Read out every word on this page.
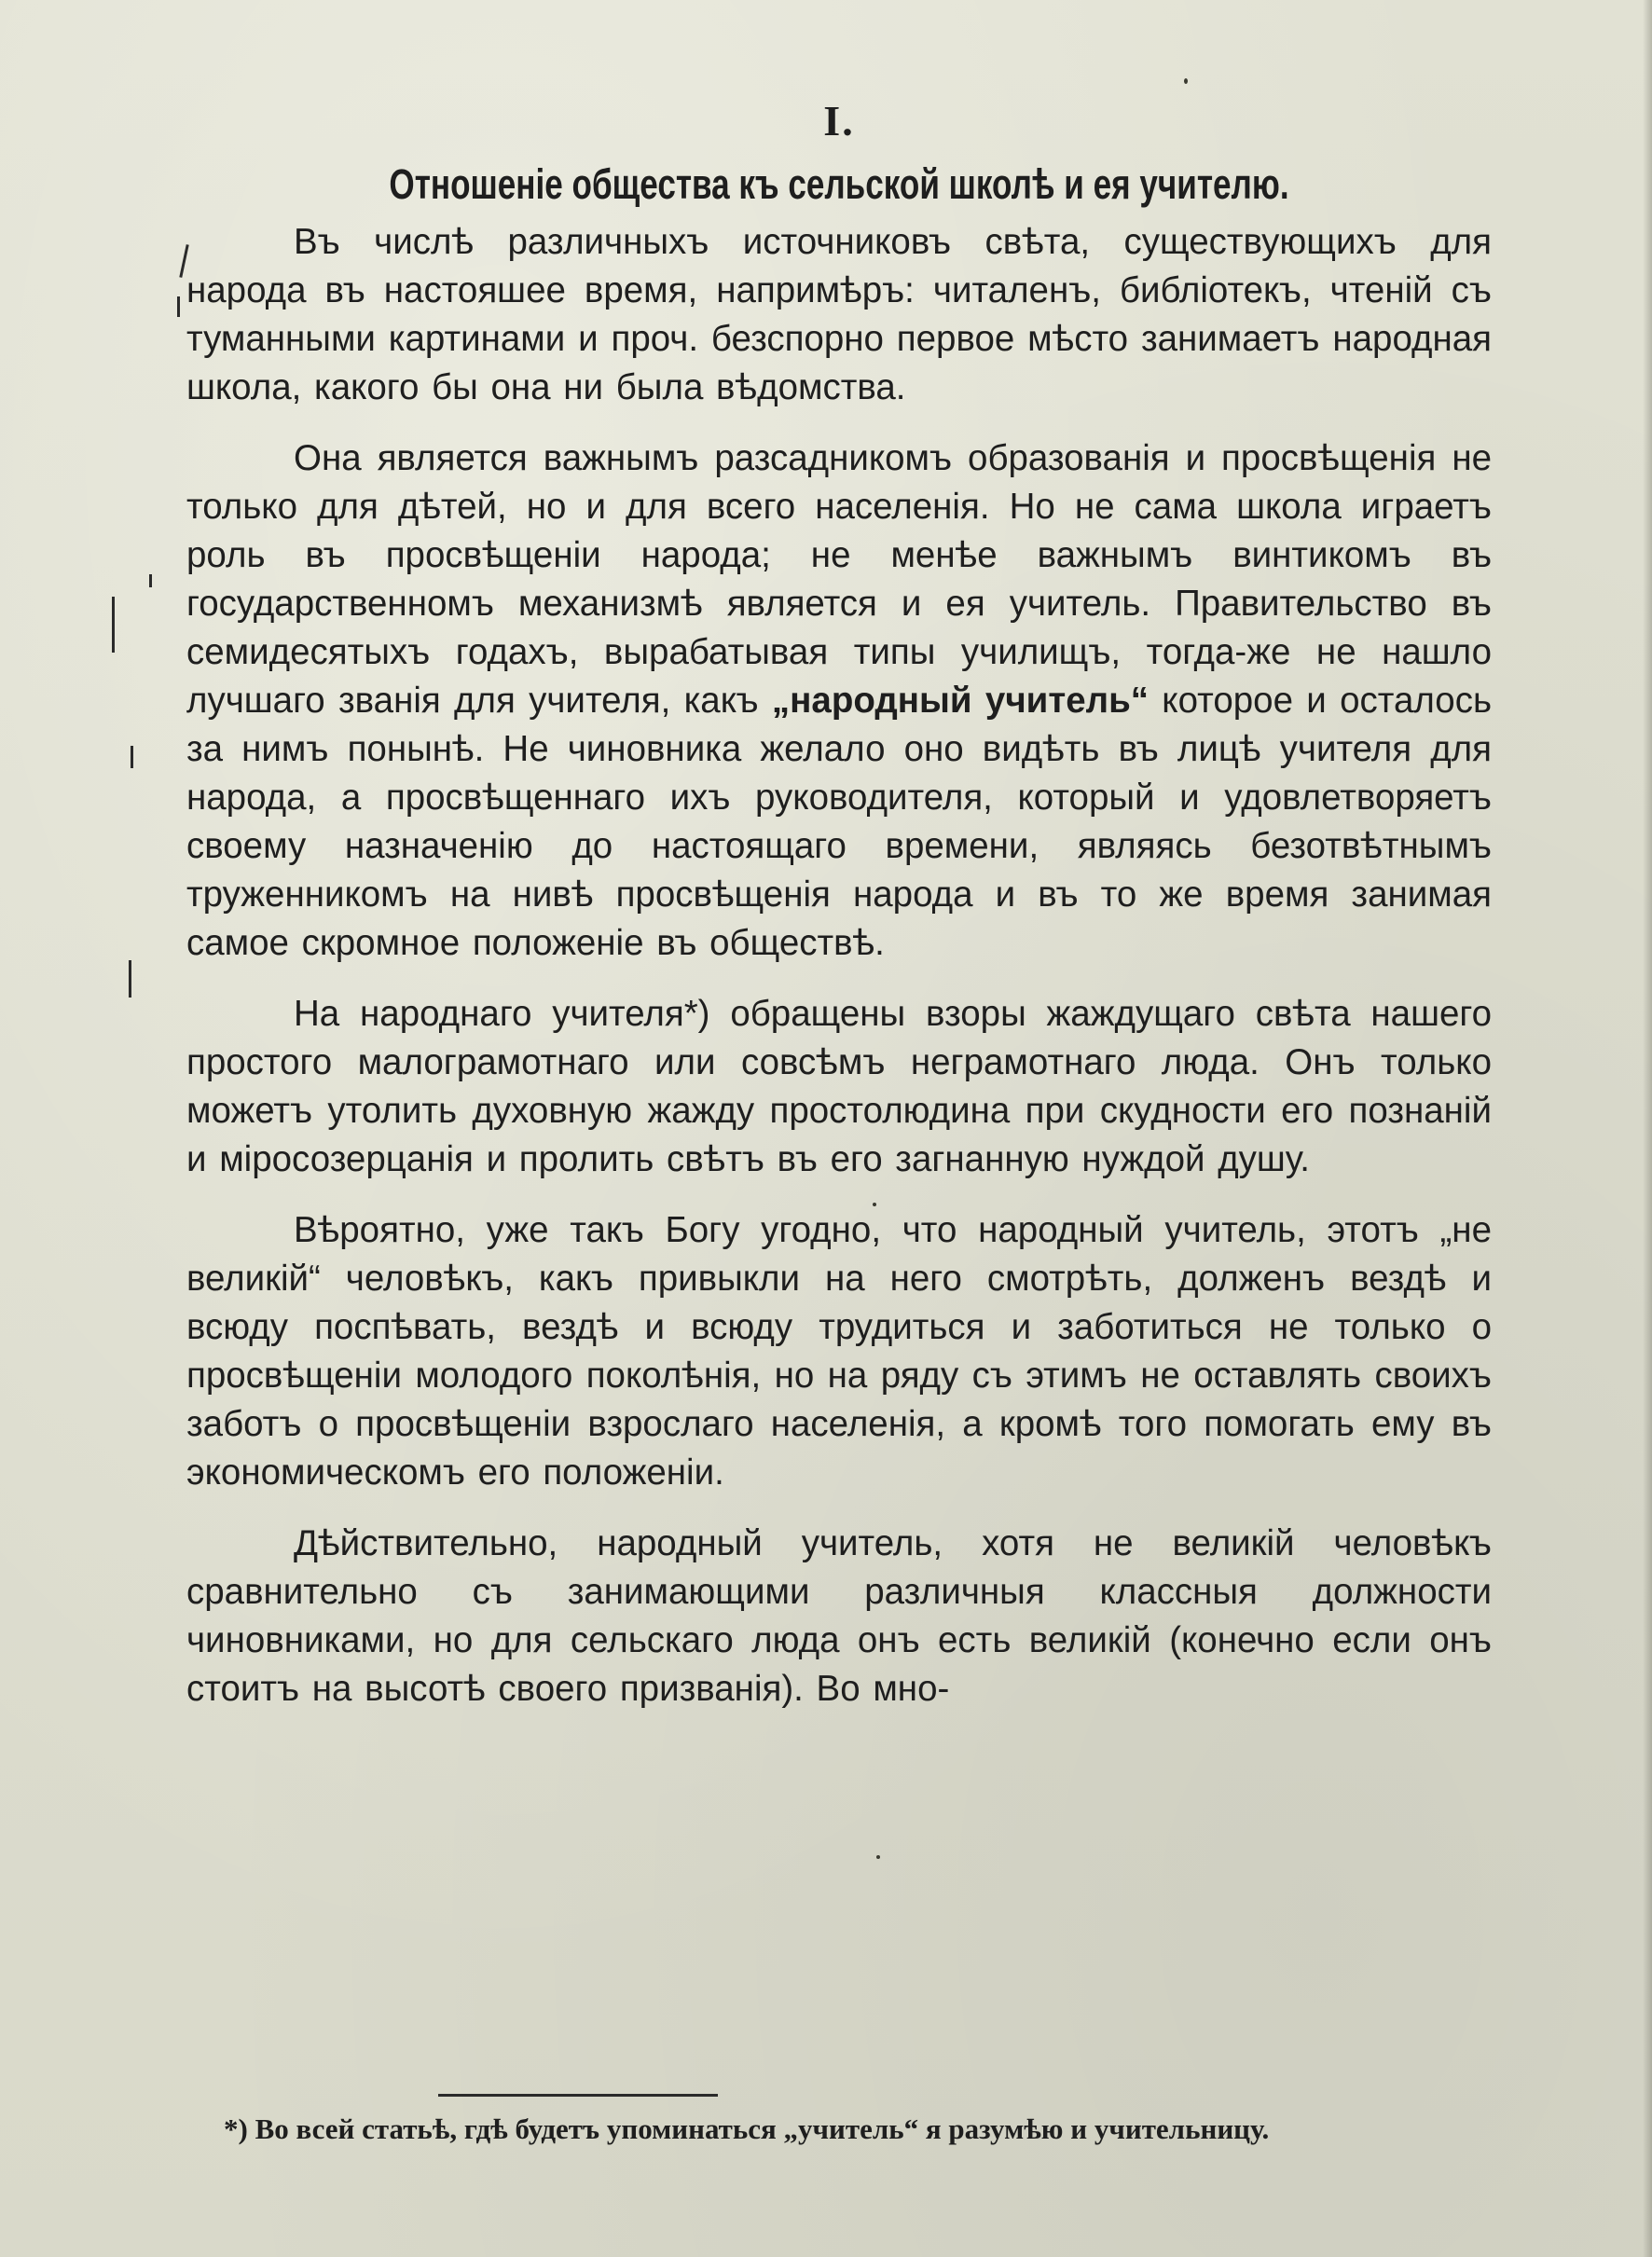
I.
Отношеніе общества къ сельской школѣ и ея учителю.

Въ числѣ различныхъ источниковъ свѣта, существующихъ для народа въ настояшее время, напримѣръ: читаленъ, библіотекъ, чтеній съ туманными картинами и проч. безспорно первое мѣсто занимаетъ народная школа, какого бы она ни была вѣдомства.

Она является важнымъ разсадникомъ образованія и просвѣщенія не только для дѣтей, но и для всего населенія. Но не сама школа играетъ роль въ просвѣщеніи народа; не менѣе важнымъ винтикомъ въ государственномъ механизмѣ является и ея учитель. Правительство въ семидесятыхъ годахъ, вырабатывая типы училищъ, тогда-же не нашло лучшаго званія для учителя, какъ „народный учитель“ которое и осталось за нимъ понынѣ. Не чиновника желало оно видѣть въ лицѣ учителя для народа, а просвѣщеннаго ихъ руководителя, который и удовлетворяетъ своему назначенію до настоящаго времени, являясь безотвѣтнымъ труженникомъ на нивѣ просвѣщенія народа и въ то же время занимая самое скромное положеніе въ обществѣ.

На народнаго учителя*) обращены взоры жаждущаго свѣта нашего простого малограмотнаго или совсѣмъ неграмотнаго люда. Онъ только можетъ утолить духовную жажду простолюдина при скудности его познаній и міросозерцанія и пролить свѣтъ въ его загнанную нуждой душу.

Вѣроятно, уже такъ Богу угодно, что народный учитель, этотъ „не великій“ человѣкъ, какъ привыкли на него смотрѣть, долженъ вездѣ и всюду поспѣвать, вездѣ и всюду трудиться и заботиться не только о просвѣщеніи молодого поколѣнія, но на ряду съ этимъ не оставлять своихъ заботъ о просвѣщеніи взрослаго населенія, а кромѣ того помогать ему въ экономическомъ его положеніи.

Дѣйствительно, народный учитель, хотя не великій человѣкъ сравнительно съ занимающими различныя классныя должности чиновниками, но для сельскаго люда онъ есть великій (конечно если онъ стоитъ на высотѣ своего призванія). Во мно-

*) Во всей статьѣ, гдѣ будетъ упоминаться „учитель“ я разумѣю и учительницу.
